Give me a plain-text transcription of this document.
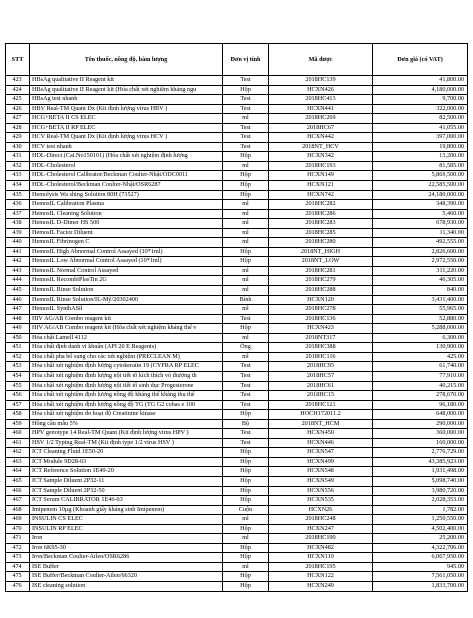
STT	Tên thuốc, nồng độ, hàm lượng	Đơn vị tính	Mã được	Đơn giá (có VAT)
423	HBsAg qualitative II Reagent kit	Test	2018HC139	41,800.00
424	HBsAg qualitative II Reagent kit (Hóa chất xét nghiệm kháng ngu	Hộp	HCXN426	4,180,000.00
425	HBsAg test nhanh	Test	2018HC413	9,700.00
426	HBV Real-TM Quant Dx (Kit định lượng virus HBV )	Test	HCXN441	322,000.00
427	HCG+BETA II CS ELEC	ml	2018HC269	82,500.00
428	HCG+BETA II RP ELEC	Test	2018HC67	41,055.00
429	HCV Real-TM Quant Dx (Kit định lượng virus HCV )	Test	HCXN442	397,000.00
430	HCV test nhanh	Test	2018NT_HCV	19,800.00
431	HDL-Direct (Cat.No150101) (Hóa chất xét nghiệm định lượng	Hộp	HCXN342	13,200.00
432	HDL-Cholesterol	ml	2018HC193	81,585.00
433	HDL-Cholesterol Calibrator/Beckman Coulter-Nhật/ODC0011	Hộp	HCXN149	5,869,500.00
434	HDL-Cholesterol/Beckman Coulter-Nhật/OSR6287	Hộp	HCXN121	22,585,500.00
435	Hemolysis Wa shing Solution 80H (73527)	Hộp	HCXN742	24,180,000.00
436	HemosIL Calibration Plasma	ml	2018HC282	348,390.00
437	HemosIL Cleaning Solution	ml	2018HC286	5,460.00
438	HemosIL D-Dimer HS 500	ml	2018HC283	678,930.00
439	HemosIL Factor Diluent	ml	2018HC285	11,340.00
440	HemosIL Fibrinogen C	ml	2018HC280	492,555.00
441	HemosIL High Abnormal Control Assayed (10*1ml)	Hộp	2018NT_HIGH	2,826,600.00
442	HemosIL Low Abnormal Control Assayed (10*1ml)	Hộp	2018NT_LOW	2,972,550.00
443	HemosIL Normal Control Assayed	ml	2018HC281	311,220.00
444	HemosIL RecombiPlasTin 2G	ml	2018HC279	46,305.00
445	HemosIL Rinse Solution	ml	2018HC288	840.00
446	HemosIL Rinse Solution/IL-Mỹ/20302400	Bình	HCXN120	3,431,400.00
447	HemosIL SynthASil	ml	2018HC278	55,965.00
448	HIV AG/AB Combo reagent kit	Test	2018HC136	52,880.00
449	HIV AG/AB Combo reagent kit (Hóa chất xét nghiệm kháng thể v	Hộp	HCXN423	5,288,000.00
450	Hóa chất Lamell 4112	ml	2018NT317	6,300.00
451	Hóa chất định danh vi khuẩn (API 20 E Reagents)	Ống	2018HC388	130,900.00
452	Hóa chất pha bổ sung cho các xét nghiệm (PRECLEAN M)	ml	2018HC116	425.00
453	Hóa chất xét nghiệm định lượng cytokeratin 19 (CYFRA RP ELEC	Test	2018HC95	61,740.00
454	Hóa chất xét nghiệm định lượng nội tiết tố kích thích vỏ thượng th	Test	2018HC57	77,910.00
455	Hóa chất xét nghiệm định lượng nội tiết tố sinh dục Progesterone	Test	2018HC61	40,215.00
456	Hóa chất xét nghiệm định lượng nồng độ kháng thể kháng thụ thể	Test	2018HC15	278,670.00
457	Hóa chất xét nghiệm định lượng nồng độ TG (TG G2 cobas e 100	Test	2018HC121	96,180.00
458	Hóa chất xét nghiệm đo hoạt độ Creatinine kinase	Hộp	HOCH172011.2	648,000.00
459	Hồng cầu mẫu 5%	Bộ	2018NT_HCM	290,000.00
460	HPV genotype 14 Real-TM Quant (Kit định lượng virus HPV )	Test	HCXN450	360,000.00
461	HSV 1/2 Typing Real-TM (Kit định type 1/2 virus HSV )	Test	HCXN446	160,000.00
462	ICT Cleaning Fluid 1E50-20	Hộp	HCXN547	2,776,729.00
463	ICT Module 9D28-03	Hộp	HCXN499	43,385,923.00
464	ICT Reference Solution 1E49-20	Hộp	HCXN548	1,931,498.00
465	ICT Sample Diluent 2P32-11	Hộp	HCXN549	5,098,740.00
466	ICT Sample Diluent 2P32-50	Hộp	HCXN556	3,980,720.00
467	ICT Serum CALIBRATOR 1E46-03	Hộp	HCXN535	2,028,353.00
468	Imipenem 10µg (Khoanh giấy kháng sinh Imipenem)	Cuộn	HCXN26	1,782.00
469	INSULIN CS ELEC	ml	2018HC248	1,250,550.00
470	INSULIN RP ELEC	Hộp	HCXN247	4,502,400.00
471	Iron	ml	2018HC190	25,200.00
472	Iron 6K95-30	Hộp	HCXN482	4,322,706.00
473	Iron/Beckman Coulter-Ailen/OSR6286	Hộp	HCXN119	6,067,950.00
474	ISE Buffer	ml	2018HC195	945.00
475	ISE Buffer/Beckman Coulter-Ailen/66320	Hộp	HCXN122	7,561,050.00
476	ISE cleaning solution	Hộp	HCXN249	1,833,700.00
